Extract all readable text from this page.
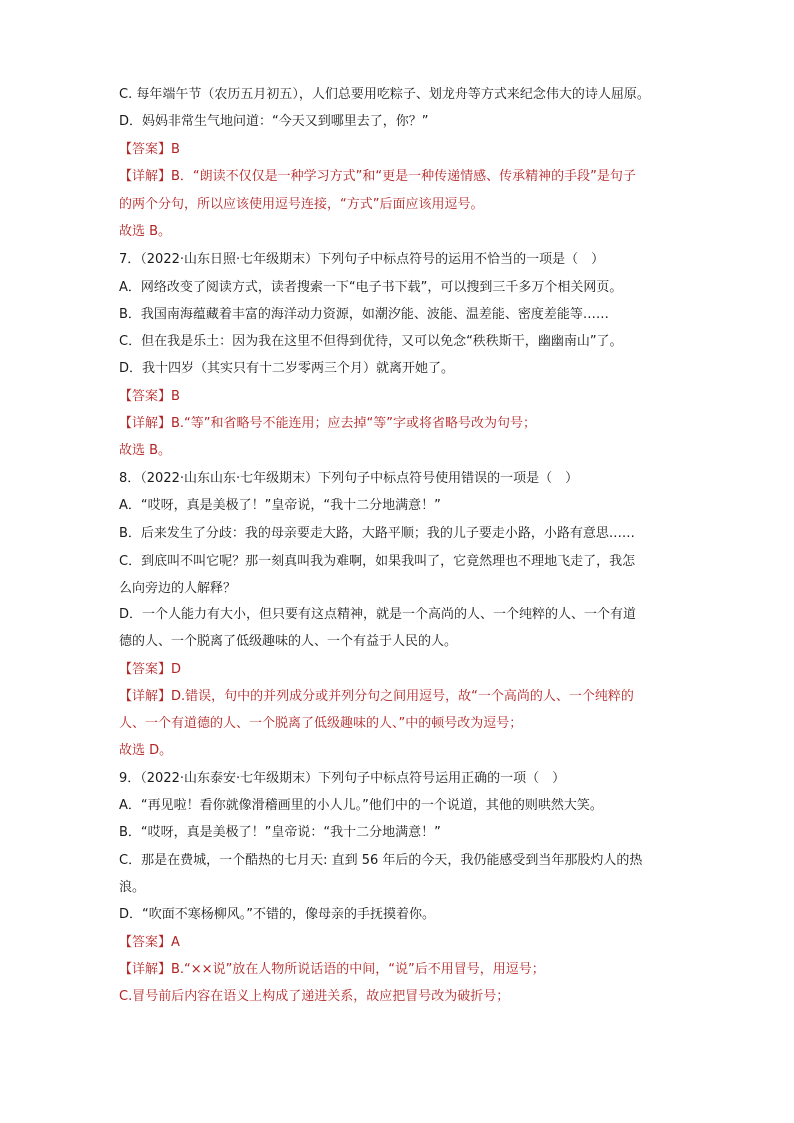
C. 每年端午节（农历五月初五），人们总要用吃粽子、划龙舟等方式来纪念伟大的诗人屈原。
D．妈妈非常生气地问道：“今天又到哪里去了，你？”
【答案】B
【详解】B．“朗读不仅仅是一种学习方式”和“更是一种传递情感、传承精神的手段”是句子
的两个分句，所以应该使用逗号连接，“方式”后面应该用逗号。
故选 B。
7．（2022·山东日照·七年级期末）下列句子中标点符号的运用不恰当的一项是（　）
A．网络改变了阅读方式，读者搜索一下“电子书下载”，可以搜到三千多万个相关网页。
B．我国南海蕴藏着丰富的海洋动力资源，如潮汐能、波能、温差能、密度差能等……
C．但在我是乐土：因为我在这里不但得到优待，又可以免念“秩秩斯干，幽幽南山”了。
D．我十四岁（其实只有十二岁零两三个月）就离开她了。
【答案】B
【详解】B.“等”和省略号不能连用；应去掉“等”字或将省略号改为句号；
故选 B。
8．（2022·山东山东·七年级期末）下列句子中标点符号使用错误的一项是（　）
A．“哎呀，真是美极了！”皇帝说，“我十二分地满意！”
B．后来发生了分歧：我的母亲要走大路，大路平顺；我的儿子要走小路，小路有意思……
C．到底叫不叫它呢？那一刻真叫我为难啊，如果我叫了，它竟然理也不理地飞走了，我怎
么向旁边的人解释？
D．一个人能力有大小，但只要有这点精神，就是一个高尚的人、一个纯粹的人、一个有道
德的人、一个脱离了低级趣味的人、一个有益于人民的人。
【答案】D
【详解】D.错误，句中的并列成分或并列分句之间用逗号，故“一个高尚的人、一个纯粹的
人、一个有道德的人、一个脱离了低级趣味的人、”中的顿号改为逗号；
故选 D。
9．（2022·山东泰安·七年级期末）下列句子中标点符号运用正确的一项（　）
A．“再见啦！看你就像滑稽画里的小人儿。”他们中的一个说道，其他的则哄然大笑。
B．“哎呀，真是美极了！”皇帝说：“我十二分地满意！”
C．那是在费城，一个酷热的七月天: 直到 56 年后的今天，我仍能感受到当年那股灼人的热
浪。
D．“吹面不寒杨柳风。”不错的，像母亲的手抚摸着你。
【答案】A
【详解】B.“××说”放在人物所说话语的中间，“说”后不用冒号，用逗号；
C.冒号前后内容在语义上构成了递进关系，故应把冒号改为破折号；
